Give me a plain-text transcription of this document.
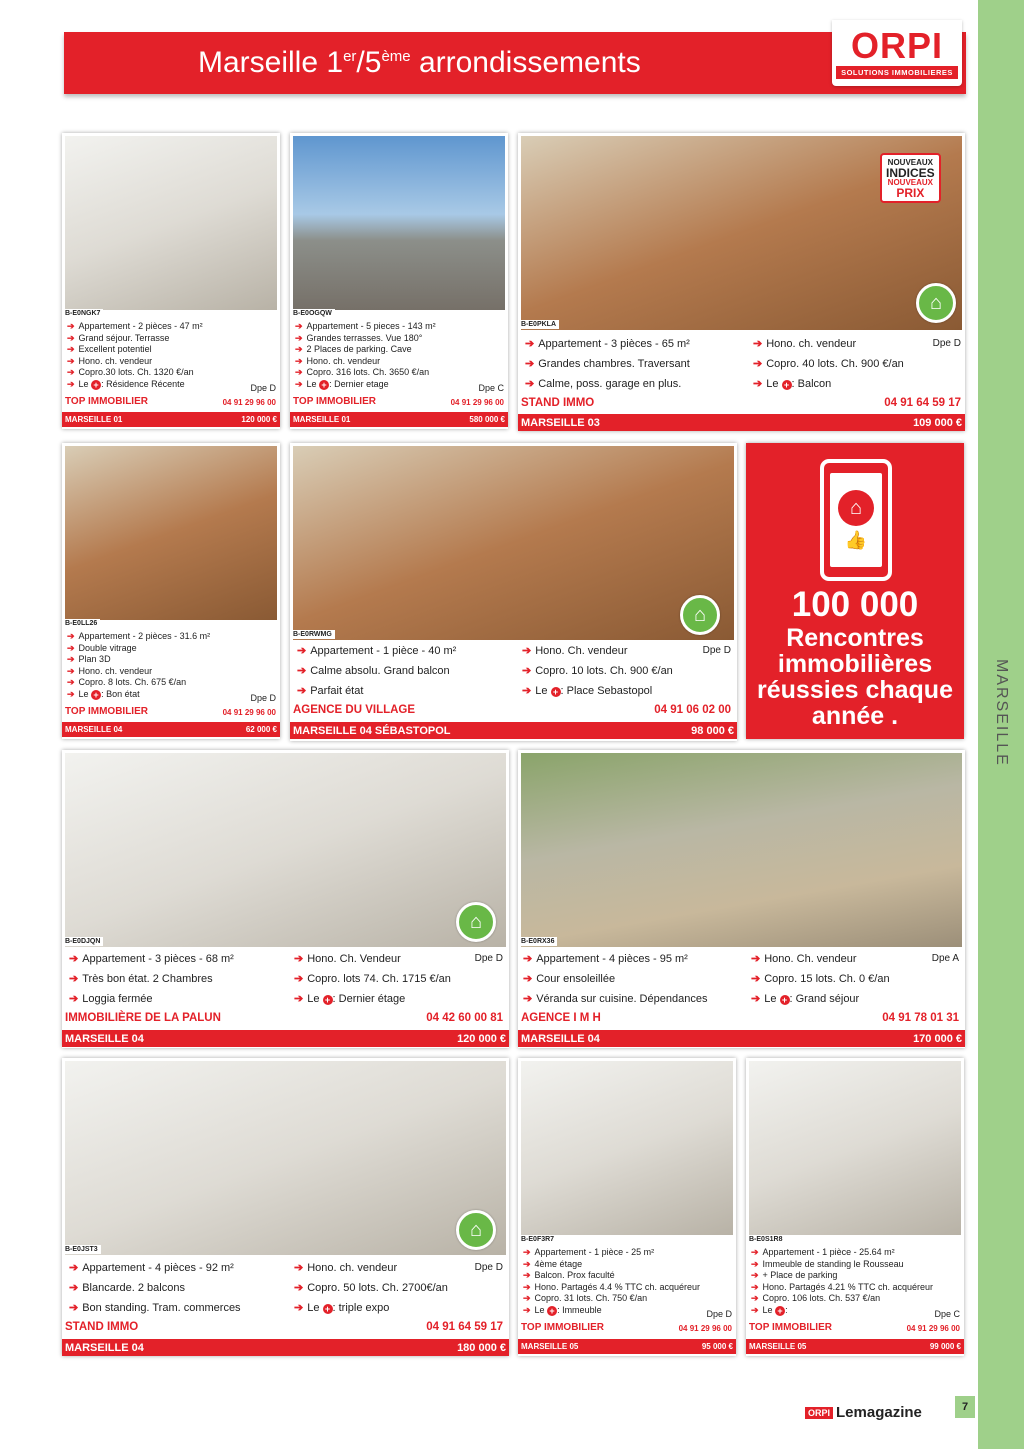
MARSEILLE
Marseille 1er/5ème arrondissements	ORPI
SOLUTIONS IMMOBILIERES
B-E0NGK7
➔ Appartement - 2 pièces - 47 m²
➔ Grand séjour. Terrasse
➔ Excellent potentiel
➔ Hono. ch. vendeur
➔ Copro.30 lots. Ch. 1320 €/an
➔ Le + : Résidence Récente	Dpe D
TOP IMMOBILIER	04 91 29 96 00
MARSEILLE 01	120 000 €
B-E0OGQW
➔ Appartement - 5 pieces - 143 m²
➔ Grandes terrasses. Vue 180°
➔ 2 Places de parking. Cave
➔ Hono. ch. vendeur
➔ Copro. 316 lots. Ch. 3650 €/an
➔ Le + : Dernier etage	Dpe C
TOP IMMOBILIER	04 91 29 96 00
MARSEILLE 01	580 000 €
NOUVEAUX
INDICES
NOUVEAUX
PRIX
⌂
B-E0PKLA
➔ Appartement - 3 pièces - 65 m²
➔ Grandes chambres. Traversant
➔ Calme, poss. garage en plus.
➔ Hono. ch. vendeur
➔ Copro. 40 lots. Ch. 900 €/an
➔ Le + : Balcon
Dpe D
STAND IMMO	04 91 64 59 17
MARSEILLE 03	109 000 €
B-E0LL26
➔ Appartement - 2 pièces - 31.6 m²
➔ Double vitrage
➔ Plan 3D
➔ Hono. ch. vendeur
➔ Copro. 8 lots. Ch. 675 €/an
➔ Le + : Bon état	Dpe D
TOP IMMOBILIER	04 91 29 96 00
MARSEILLE 04	62 000 €
⌂
B-E0RWMG
➔ Appartement - 1 pièce - 40 m²
➔ Calme absolu. Grand balcon
➔ Parfait état
➔ Hono. Ch. vendeur
➔ Copro. 10 lots. Ch. 900 €/an
➔ Le + : Place Sebastopol
Dpe D
AGENCE DU VILLAGE	04 91 06 02 00
MARSEILLE 04 SÉBASTOPOL	98 000 €
⌂
👍
100 000
Rencontres immobilières réussies chaque année .
⌂
B-E0DJQN
➔ Appartement - 3 pièces - 68 m²
➔ Très bon état. 2 Chambres
➔ Loggia fermée
➔ Hono. Ch. Vendeur
➔ Copro. lots 74. Ch. 1715 €/an
➔ Le + : Dernier étage
Dpe D
IMMOBILIÈRE DE LA PALUN	04 42 60 00 81
MARSEILLE 04	120 000 €
B-E0RX36
➔ Appartement - 4 pièces - 95 m²
➔ Cour ensoleillée
➔ Véranda sur cuisine. Dépendances
➔ Hono. Ch. vendeur
➔ Copro. 15 lots. Ch. 0 €/an
➔ Le + : Grand séjour
Dpe A
AGENCE I M H	04 91 78 01 31
MARSEILLE 04	170 000 €
⌂
B-E0JST3
➔ Appartement - 4 pièces - 92 m²
➔ Blancarde. 2 balcons
➔ Bon standing. Tram. commerces
➔ Hono. ch. vendeur
➔ Copro. 50 lots. Ch. 2700€/an
➔ Le + : triple expo
Dpe D
STAND IMMO	04 91 64 59 17
MARSEILLE 04	180 000 €
B-E0F3R7
➔ Appartement - 1 pièce - 25 m²
➔ 4ème étage
➔ Balcon. Prox faculté
➔ Hono. Partagés 4.4 % TTC ch. acquéreur
➔ Copro. 31 lots. Ch. 750 €/an
➔ Le + : Immeuble	Dpe D
TOP IMMOBILIER	04 91 29 96 00
MARSEILLE 05	95 000 €
B-E0S1R8
➔ Appartement - 1 pièce - 25.64 m²
➔ Immeuble de standing le Rousseau
➔ + Place de parking
➔ Hono. Partagés 4.21 % TTC ch. acquéreur
➔ Copro. 106 lots. Ch. 537 €/an
➔ Le + :	Dpe C
TOP IMMOBILIER	04 91 29 96 00
MARSEILLE 05	99 000 €
ORPI Lemagazine	7
